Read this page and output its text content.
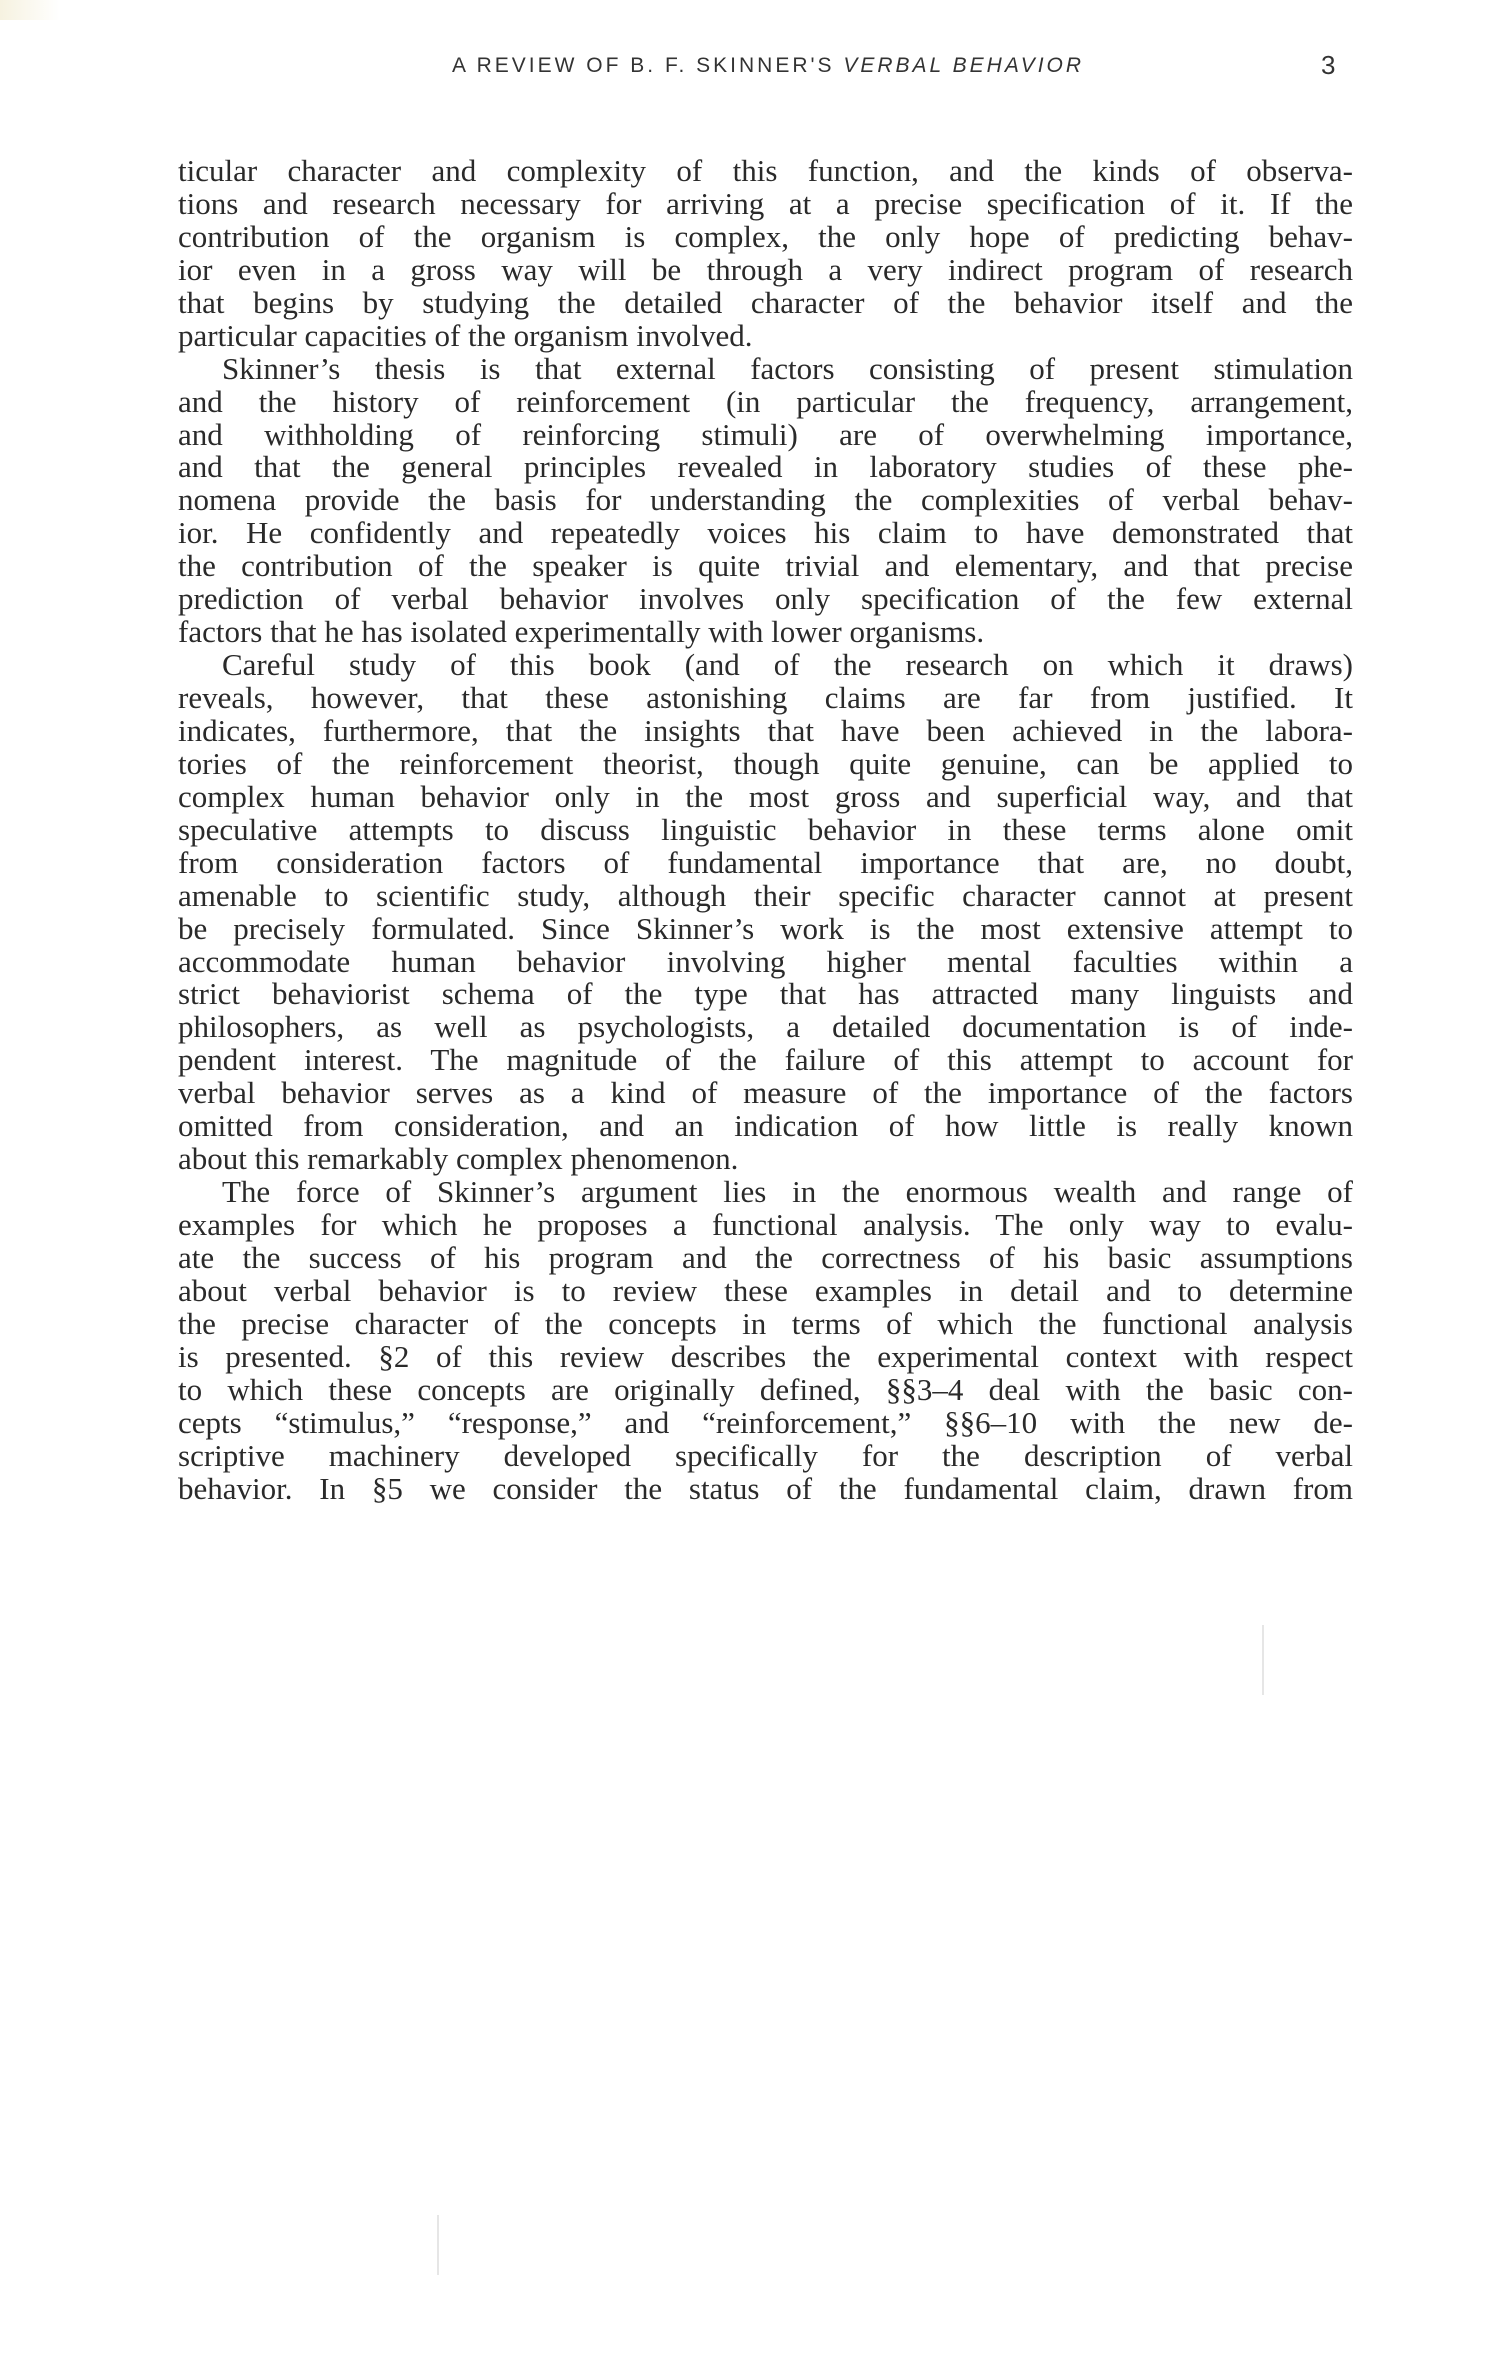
A REVIEW OF B. F. SKINNER'S VERBAL BEHAVIOR	3
ticular character and complexity of this function, and the kinds of observa-
tions and research necessary for arriving at a precise specification of it. If the
contribution of the organism is complex, the only hope of predicting behav-
ior even in a gross way will be through a very indirect program of research
that begins by studying the detailed character of the behavior itself and the
particular capacities of the organism involved.
Skinner’s thesis is that external factors consisting of present stimulation
and the history of reinforcement (in particular the frequency, arrangement,
and withholding of reinforcing stimuli) are of overwhelming importance,
and that the general principles revealed in laboratory studies of these phe-
nomena provide the basis for understanding the complexities of verbal behav-
ior. He confidently and repeatedly voices his claim to have demonstrated that
the contribution of the speaker is quite trivial and elementary, and that precise
prediction of verbal behavior involves only specification of the few external
factors that he has isolated experimentally with lower organisms.
Careful study of this book (and of the research on which it draws)
reveals, however, that these astonishing claims are far from justified. It
indicates, furthermore, that the insights that have been achieved in the labora-
tories of the reinforcement theorist, though quite genuine, can be applied to
complex human behavior only in the most gross and superficial way, and that
speculative attempts to discuss linguistic behavior in these terms alone omit
from consideration factors of fundamental importance that are, no doubt,
amenable to scientific study, although their specific character cannot at present
be precisely formulated. Since Skinner’s work is the most extensive attempt to
accommodate human behavior involving higher mental faculties within a
strict behaviorist schema of the type that has attracted many linguists and
philosophers, as well as psychologists, a detailed documentation is of inde-
pendent interest. The magnitude of the failure of this attempt to account for
verbal behavior serves as a kind of measure of the importance of the factors
omitted from consideration, and an indication of how little is really known
about this remarkably complex phenomenon.
The force of Skinner’s argument lies in the enormous wealth and range of
examples for which he proposes a functional analysis. The only way to evalu-
ate the success of his program and the correctness of his basic assumptions
about verbal behavior is to review these examples in detail and to determine
the precise character of the concepts in terms of which the functional analysis
is presented. §2 of this review describes the experimental context with respect
to which these concepts are originally defined, §§3–4 deal with the basic con-
cepts “stimulus,” “response,” and “reinforcement,” §§6–10 with the new de-
scriptive machinery developed specifically for the description of verbal
behavior. In §5 we consider the status of the fundamental claim, drawn from
